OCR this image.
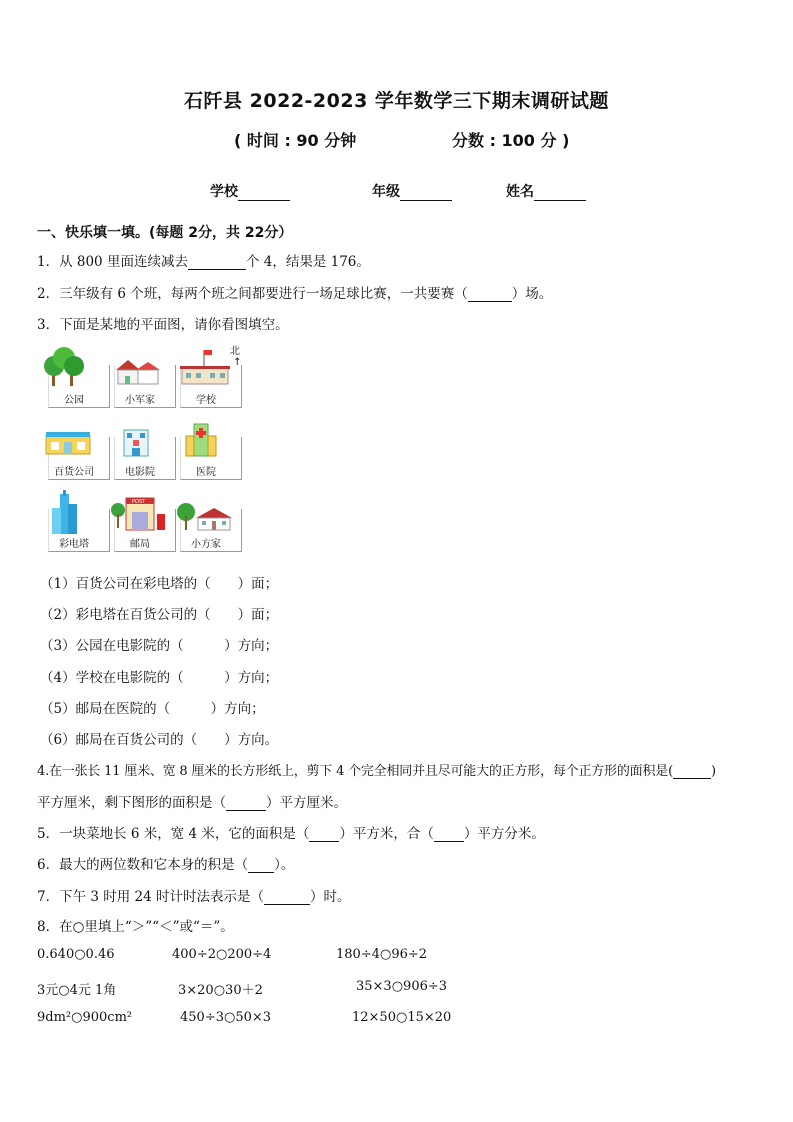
石阡县 2022-2023 学年数学三下期末调研试题
( 时间 : 90 分钟	分数 : 100 分 )
学校	年级	姓名
一、快乐填一填。(每题 2分，共 22分）
1．从 800 里面连续减去	个 4，结果是 176。
2．三年级有 6 个班，每两个班之间都要进行一场足球比赛，一共要赛（	）场。
3．下面是某地的平面图，请你看图填空。
北
↑
公园	小军家	学校
百货公司	电影院	医院
彩电塔
POST
邮局	小方家
（1）百货公司在彩电塔的（　　）面；
（2）彩电塔在百货公司的（　　）面；
（3）公园在电影院的（　　　）方向；
（4）学校在电影院的（　　　）方向；
（5）邮局在医院的（　　　）方向；
（6）邮局在百货公司的（　　）方向。
4.在一张长 11 厘米、宽 8 厘米的长方形纸上，剪下 4 个完全相同并且尽可能大的正方形，每个正方形的面积是(	)
平方厘米，剩下图形的面积是（	）平方厘米。
5．一块菜地长 6 米，宽 4 米，它的面积是（ ）平方米，合（ ）平方分米。
6．最大的两位数和它本身的积是（ ）。
7．下午 3 时用 24 时计时法表示是（	）时。
8．在○里填上“＞”“＜”或“＝”。
0.640○0.46	400÷2○200÷4	180÷4○96÷2
3元○4元 1角	3×20○30＋2	35×3○906÷3
9dm²○900cm²	450÷3○50×3	12×50○15×20
